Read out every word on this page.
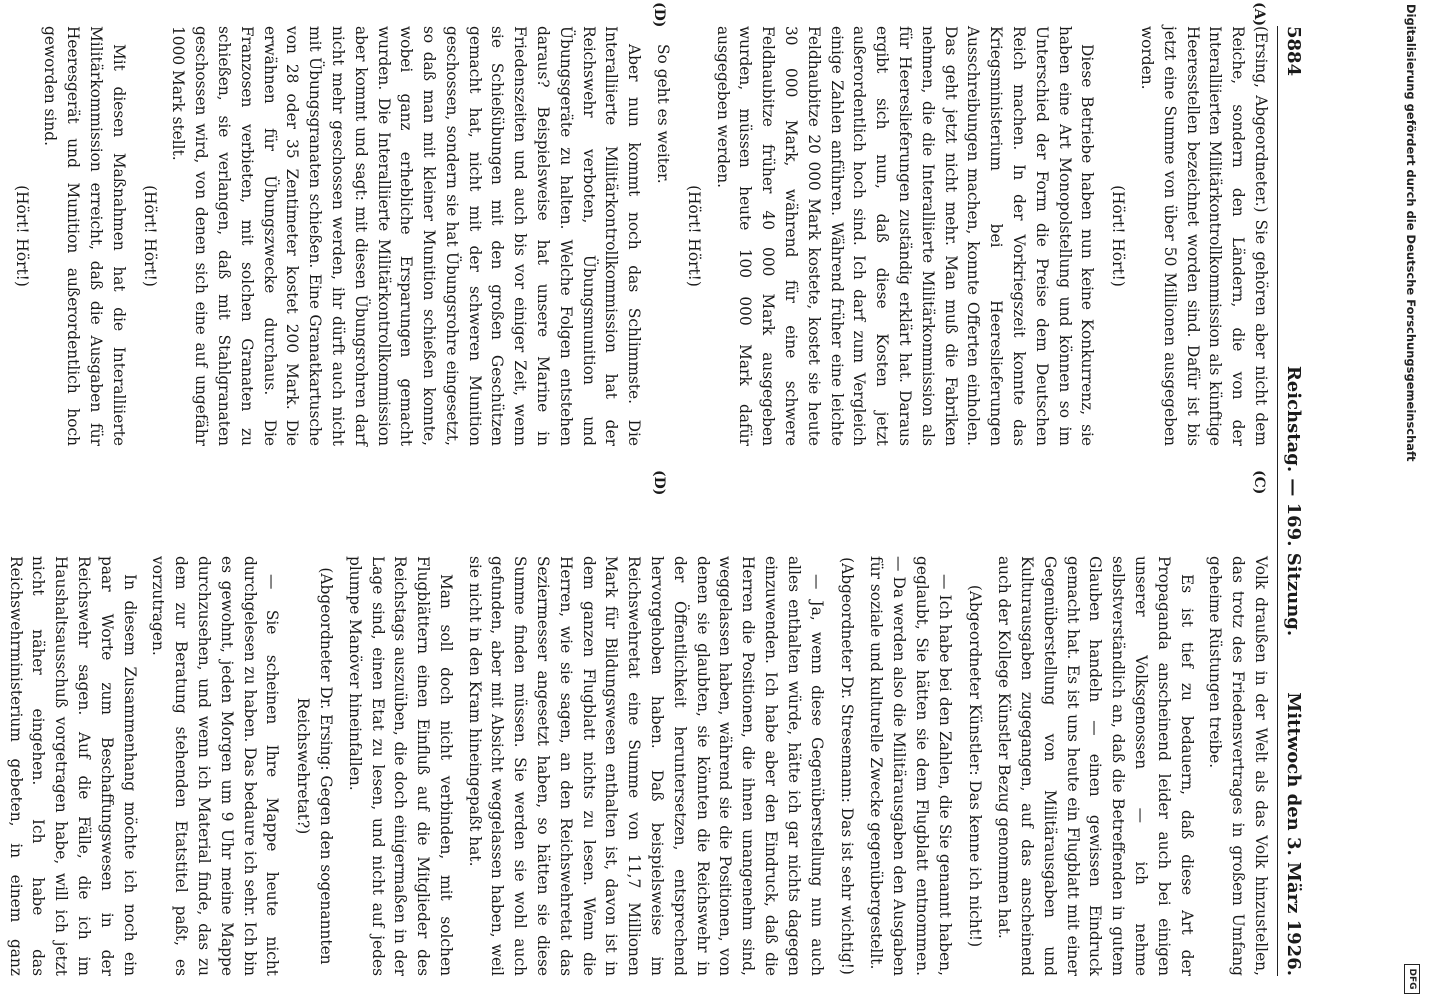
5884
Reichstag. — 169. Sitzung.
Mittwoch den 3. März 1926.
(A)
(D)
(C)
(D)

(Ersing, Abgeordneter.) Sie gehören aber nicht dem Reiche, sondern den Ländern, die von der Interalliierten Militärkontrollkommission als künftige Heeresstellen bezeichnet worden sind. Dafür ist bis jetzt eine Summe von über 50 Millionen ausgegeben worden.

(Hört! Hört!)

Diese Betriebe haben nun keine Konkurrenz, sie haben eine Art Monopolstellung und können so im Unterschied der Form die Preise dem Deutschen Reich machen. In der Vorkriegszeit konnte das Kriegsministerium bei Heereslieferungen Ausschreibungen machen, konnte Offerten einholen. Das geht jetzt nicht mehr. Man muß die Fabriken nehmen, die die Interalliierte Militärkommission als für Heereslieferungen zuständig erklärt hat. Daraus ergibt sich nun, daß diese Kosten jetzt außerordentlich hoch sind. Ich darf zum Vergleich einige Zahlen anführen. Während früher eine leichte Feldhaubitze 20 000 Mark kostete, kostet sie heute 30 000 Mark, während für eine schwere Feldhaubitze früher 40 000 Mark ausgegeben wurden, müssen heute 100 000 Mark dafür ausgegeben werden.

(Hört! Hört!)

So geht es weiter.

Aber nun kommt noch das Schlimmste. Die Interalliierte Militärkontrollkommission hat der Reichswehr verboten, Übungsmunition und Übungsgeräte zu halten. Welche Folgen entstehen daraus? Beispielsweise hat unsere Marine in Friedenszeiten und auch bis vor einiger Zeit, wenn sie Schießübungen mit den großen Geschützen gemacht hat, nicht mit der schweren Munition geschossen, sondern sie hat Übungsrohre eingesetzt, so daß man mit kleiner Munition schießen konnte, wobei ganz erhebliche Ersparungen gemacht wurden. Die Interalliierte Militärkontrollkommission aber kommt und sagt: mit diesen Übungsrohren darf nicht mehr geschossen werden, ihr dürft auch nicht mit Übungsgranaten schießen. Eine Granatkartusche von 28 oder 35 Zentimeter kostet 200 Mark. Die erwähnen für Übungszwecke durchaus. Die Franzosen verbieten, mit solchen Granaten zu schießen, sie verlangen, daß mit Stahlgranaten geschossen wird, von denen sich eine auf ungefähr 1000 Mark stellt.

(Hört! Hört!)

Mit diesen Maßnahmen hat die Interalliierte Militärkommission erreicht, daß die Ausgaben für Heeresgerät und Munition außerordentlich hoch geworden sind.

(Hört! Hört!)

Volk draußen in der Welt als das Volk hinzustellen, das trotz des Friedensvertrages in großem Umfang geheime Rüstungen treibe.

Es ist tief zu bedauern, daß diese Art der Propaganda anscheinend leider auch bei einigen unserer Volksgenossen — ich nehme selbstverständlich an, daß die Betreffenden in gutem Glauben handeln — einen gewissen Eindruck gemacht hat. Es ist uns heute ein Flugblatt mit einer Gegenüberstellung von Militärausgaben und Kulturausgaben zugegangen, auf das anscheinend auch der Kollege Künstler Bezug genommen hat.

(Abgeordneter Künstler: Das kenne ich nicht!)

— Ich habe bei den Zahlen, die Sie genannt haben, geglaubt, Sie hätten sie dem Flugblatt entnommen. — Da werden also die Militärausgaben den Ausgaben für soziale und kulturelle Zwecke gegenübergestellt.

(Abgeordneter Dr. Stresemann: Das ist sehr wichtig!)

— Ja, wenn diese Gegenüberstellung nun auch alles enthalten würde, hätte ich gar nichts dagegen einzuwenden. Ich habe aber den Eindruck, daß die Herren die Positionen, die ihnen unangenehm sind, weggelassen haben, während sie die Positionen, von denen sie glaubten, sie könnten die Reichswehr in der Öffentlichkeit heruntersetzen, entsprechend hervorgehoben haben. Daß beispielsweise im Reichswehretat eine Summe von 11,7 Millionen Mark für Bildungswesen enthalten ist, davon ist in dem ganzen Flugblatt nichts zu lesen. Wenn die Herren, wie sie sagen, an den Reichswehretat das Seziermesser angesetzt haben, so hätten sie diese Summe finden müssen. Sie werden sie wohl auch gefunden, aber mit Absicht weggelassen haben, weil sie nicht in den Kram hineingepaßt hat.

Man soll doch nicht verbinden, mit solchen Flugblättern einen Einfluß auf die Mitglieder des Reichstags auszuüben, die doch einigermaßen in der Lage sind, einen Etat zu lesen, und nicht auf jedes plumpe Manöver hineinfallen.

(Abgeordneter Dr. Ersing: Gegen den sogenannten Reichswehretat?)

— Sie scheinen Ihre Mappe heute nicht durchgelesen zu haben. Das bedaure ich sehr. Ich bin es gewohnt, jeden Morgen um 9 Uhr meine Mappe durchzusehen, und wenn ich Material finde, das zu dem zur Beratung stehenden Etatstitel paßt, es vorzutragen.

In diesem Zusammenhang möchte ich noch ein paar Worte zum Beschaffungswesen in der Reichswehr sagen. Auf die Fälle, die ich im Haushaltsausschuß vorgetragen habe, will ich jetzt nicht näher eingehen. Ich habe das Reichswehrministerium gebeten, in einem ganz

Digitalisierung gefördert durch die Deutsche Forschungsgemeinschaft
DFG
